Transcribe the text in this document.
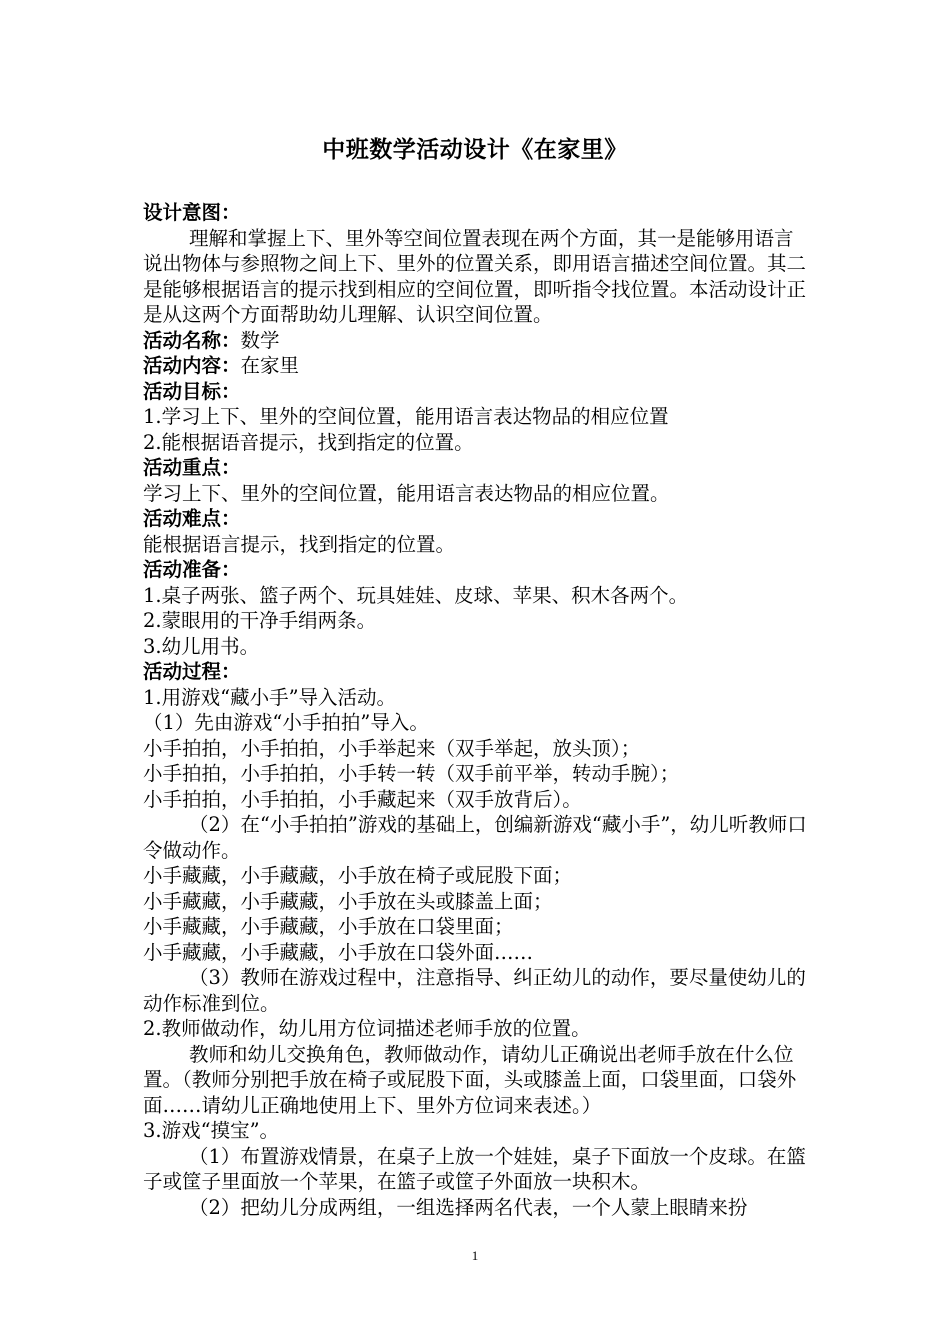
中班数学活动设计《在家里》

设计意图：

理解和掌握上下、里外等空间位置表现在两个方面，其一是能够用语言说出物体与参照物之间上下、里外的位置关系，即用语言描述空间位置。其二是能够根据语言的提示找到相应的空间位置，即听指令找位置。本活动设计正是从这两个方面帮助幼儿理解、认识空间位置。

活动名称：数学

活动内容：在家里

活动目标：

1.学习上下、里外的空间位置，能用语言表达物品的相应位置

2.能根据语音提示，找到指定的位置。

活动重点：

学习上下、里外的空间位置，能用语言表达物品的相应位置。

活动难点：

能根据语言提示，找到指定的位置。

活动准备：

1.桌子两张、篮子两个、玩具娃娃、皮球、苹果、积木各两个。

2.蒙眼用的干净手绢两条。

3.幼儿用书。

活动过程：

1.用游戏“藏小手”导入活动。

（1）先由游戏“小手拍拍”导入。

小手拍拍，小手拍拍，小手举起来（双手举起，放头顶）；

小手拍拍，小手拍拍，小手转一转（双手前平举，转动手腕）；

小手拍拍，小手拍拍，小手藏起来（双手放背后）。

（2）在“小手拍拍”游戏的基础上，创编新游戏“藏小手”，幼儿听教师口令做动作。

小手藏藏，小手藏藏，小手放在椅子或屁股下面；

小手藏藏，小手藏藏，小手放在头或膝盖上面；

小手藏藏，小手藏藏，小手放在口袋里面；

小手藏藏，小手藏藏，小手放在口袋外面……

（3）教师在游戏过程中，注意指导、纠正幼儿的动作，要尽量使幼儿的动作标准到位。

2.教师做动作，幼儿用方位词描述老师手放的位置。

教师和幼儿交换角色，教师做动作，请幼儿正确说出老师手放在什么位置。（教师分别把手放在椅子或屁股下面，头或膝盖上面，口袋里面，口袋外面……请幼儿正确地使用上下、里外方位词来表述。）

3.游戏“摸宝”。

（1）布置游戏情景，在桌子上放一个娃娃，桌子下面放一个皮球。在篮子或筐子里面放一个苹果，在篮子或筐子外面放一块积木。

（2）把幼儿分成两组，一组选择两名代表，一个人蒙上眼睛来扮

1
